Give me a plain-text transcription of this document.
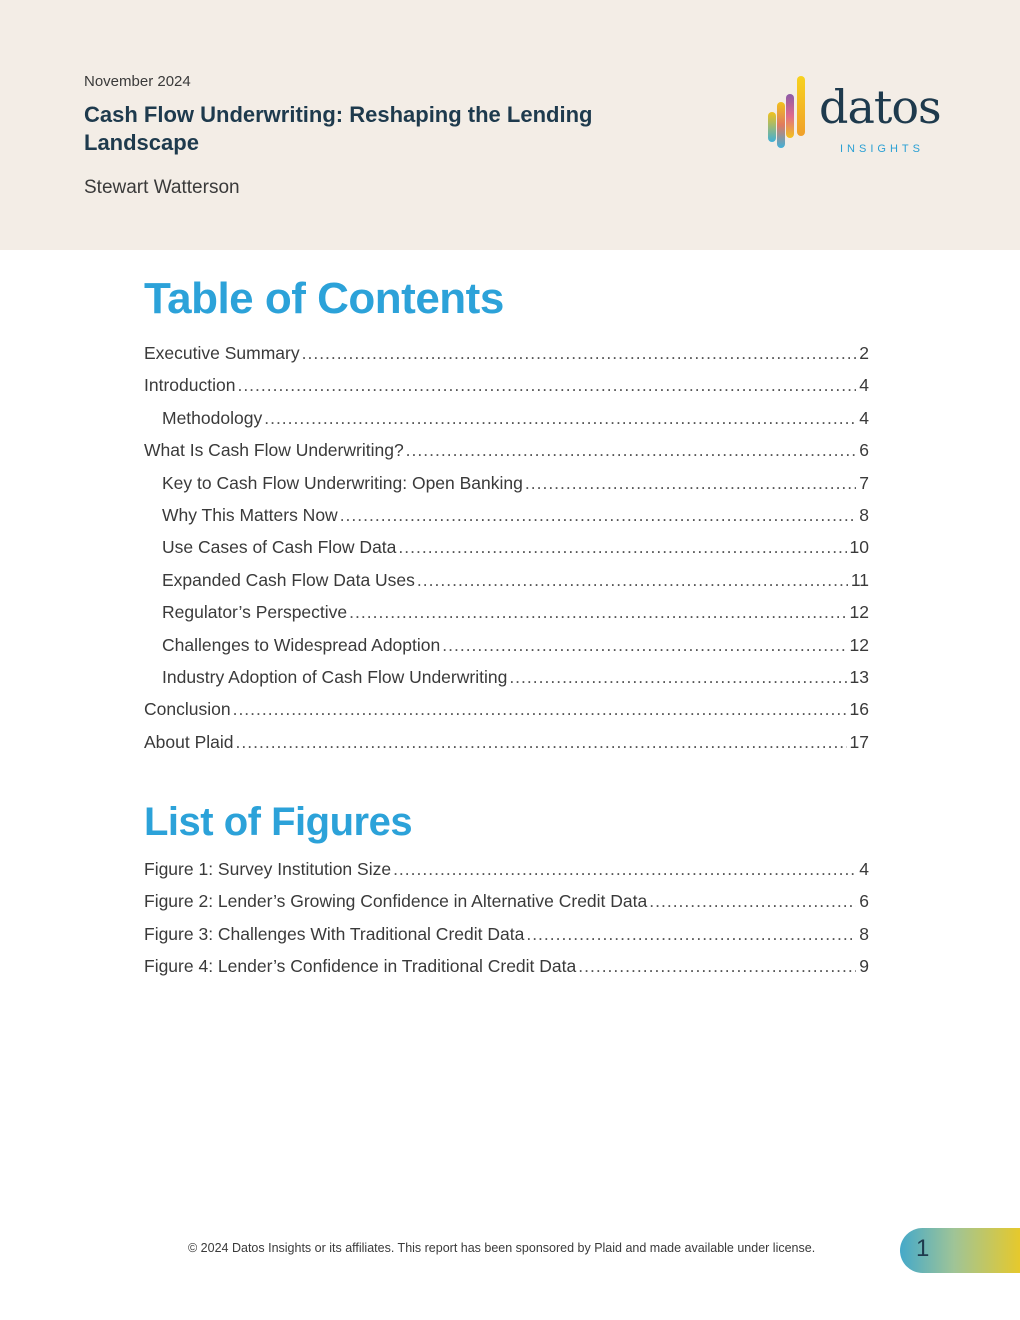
November 2024
Cash Flow Underwriting: Reshaping the Lending Landscape
Stewart Watterson
datos
INSIGHTS
Table of Contents
Executive Summary .....	2
Introduction .....	4
Methodology .....	4
What Is Cash Flow Underwriting? .....	6
Key to Cash Flow Underwriting: Open Banking .....	7
Why This Matters Now .....	8
Use Cases of Cash Flow Data .....	10
Expanded Cash Flow Data Uses .....	11
Regulator’s Perspective .....	12
Challenges to Widespread Adoption .....	12
Industry Adoption of Cash Flow Underwriting .....	13
Conclusion .....	16
About Plaid .....	17
List of Figures
Figure 1: Survey Institution Size .....	4
Figure 2: Lender’s Growing Confidence in Alternative Credit Data .....	6
Figure 3: Challenges With Traditional Credit Data .....	8
Figure 4: Lender’s Confidence in Traditional Credit Data .....	9
© 2024 Datos Insights or its affiliates. This report has been sponsored by Plaid and made available under license.	1
